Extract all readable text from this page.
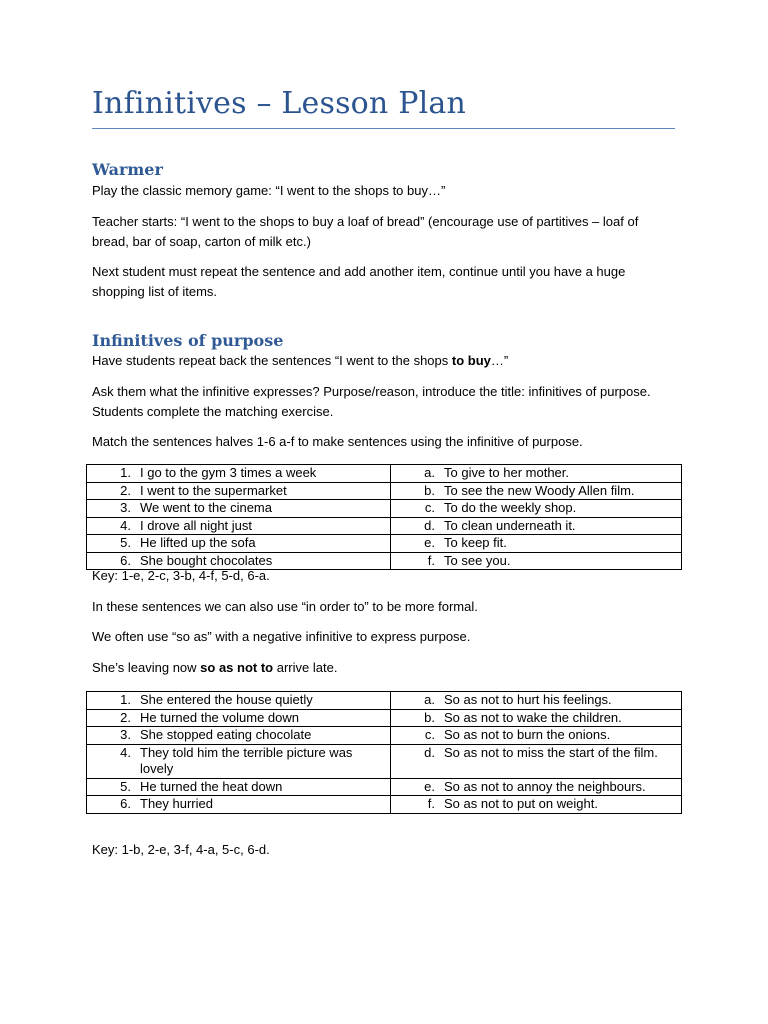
Infinitives – Lesson Plan
Warmer
Play the classic memory game: “I went to the shops to buy…”
Teacher starts: “I went to the shops to buy a loaf of bread” (encourage use of partitives – loaf of bread, bar of soap, carton of milk etc.)
Next student must repeat the sentence and add another item, continue until you have a huge shopping list of items.
Infinitives of purpose
Have students repeat back the sentences “I went to the shops to buy…”
Ask them what the infinitive expresses? Purpose/reason, introduce the title: infinitives of purpose. Students complete the matching exercise.
Match the sentences halves 1-6 a-f to make sentences using the infinitive of purpose.
1. I go to the gym 3 times a week	a. To give to her mother.

2. I went to the supermarket	b. To see the new Woody Allen film.

3. We went to the cinema	c. To do the weekly shop.

4. I drove all night just	d. To clean underneath it.

5. He lifted up the sofa	e. To keep fit.

6. She bought chocolates	f. To see you.
Key: 1-e, 2-c, 3-b, 4-f, 5-d, 6-a.
In these sentences we can also use “in order to” to be more formal.
We often use “so as” with a negative infinitive to express purpose.
She’s leaving now so as not to arrive late.
1. She entered the house quietly	a. So as not to hurt his feelings.

2. He turned the volume down	b. So as not to wake the children.

3. She stopped eating chocolate	c. So as not to burn the onions.

4. They told him the terrible picture was lovely	d. So as not to miss the start of the film.

5. He turned the heat down	e. So as not to annoy the neighbours.

6. They hurried	f. So as not to put on weight.
Key: 1-b, 2-e, 3-f, 4-a, 5-c, 6-d.
